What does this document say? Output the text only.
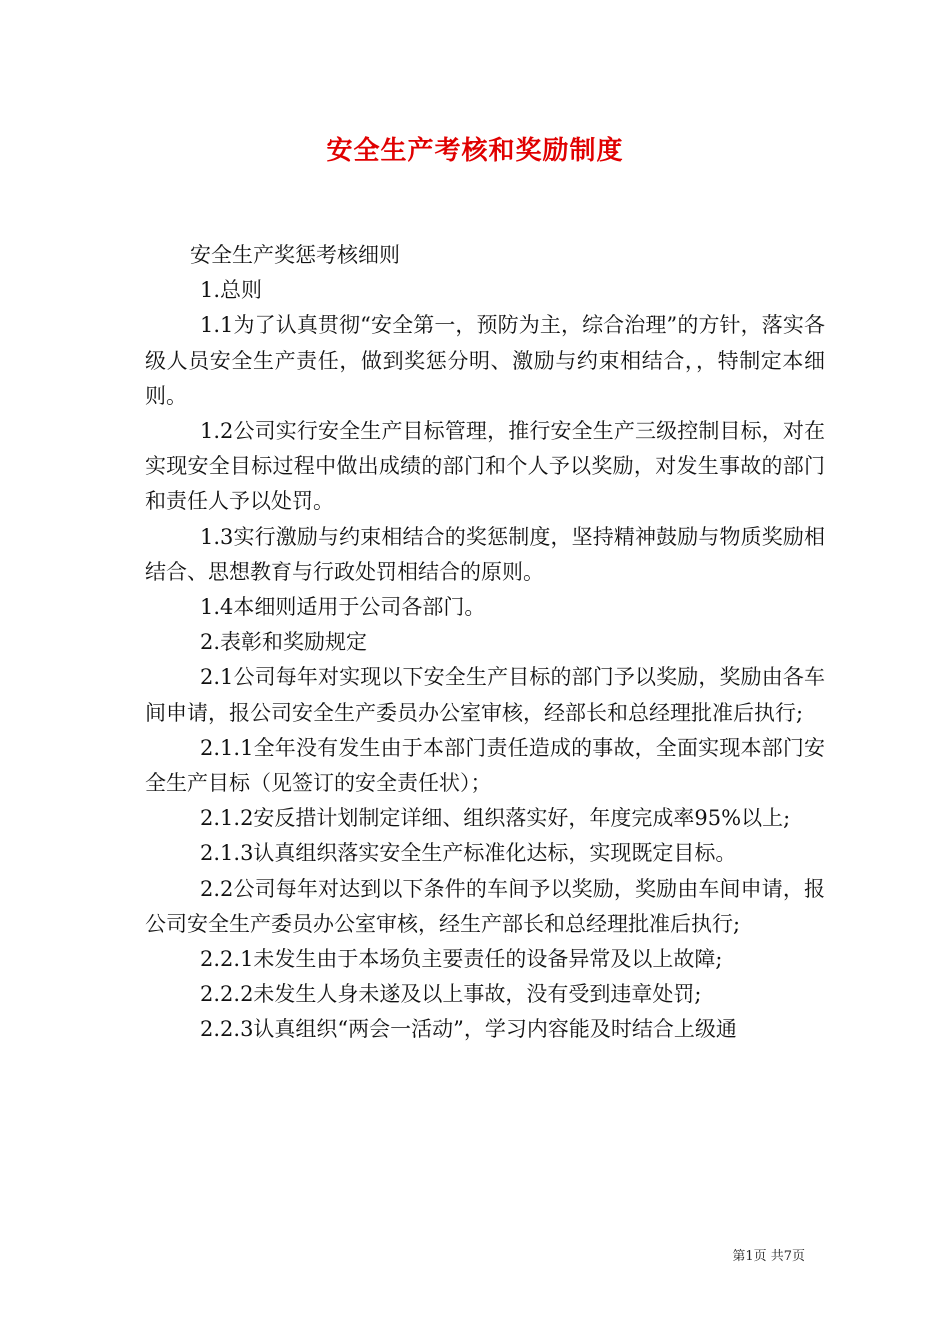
安全生产考核和奖励制度

安全生产奖惩考核细则

1.总则

1.1为了认真贯彻“安全第一，预防为主，综合治理”的方针，落实各级人员安全生产责任，做到奖惩分明、激励与约束相结合，，特制定本细则。

1.2公司实行安全生产目标管理，推行安全生产三级控制目标，对在实现安全目标过程中做出成绩的部门和个人予以奖励，对发生事故的部门和责任人予以处罚。

1.3实行激励与约束相结合的奖惩制度，坚持精神鼓励与物质奖励相结合、思想教育与行政处罚相结合的原则。

1.4本细则适用于公司各部门。

2.表彰和奖励规定

2.1公司每年对实现以下安全生产目标的部门予以奖励，奖励由各车间申请，报公司安全生产委员办公室审核，经部长和总经理批准后执行;

2.1.1全年没有发生由于本部门责任造成的事故，全面实现本部门安全生产目标（见签订的安全责任状）；

2.1.2安反措计划制定详细、组织落实好，年度完成率95%以上;

2.1.3认真组织落实安全生产标准化达标，实现既定目标。

2.2公司每年对达到以下条件的车间予以奖励，奖励由车间申请，报公司安全生产委员办公室审核，经生产部长和总经理批准后执行;

2.2.1未发生由于本场负主要责任的设备异常及以上故障;

2.2.2未发生人身未遂及以上事故，没有受到违章处罚;

2.2.3认真组织“两会一活动”，学习内容能及时结合上级通

第1页 共7页
